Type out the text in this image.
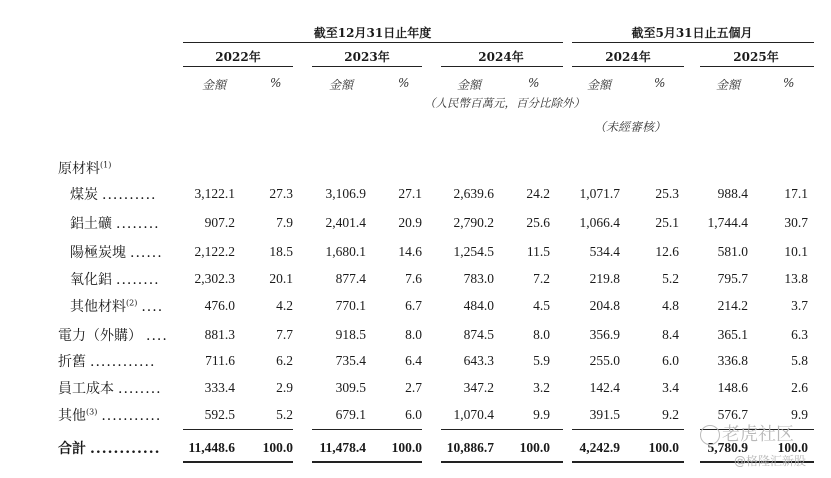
截至12月31日止年度	截至5月31日止五個月
2022年	2023年	2024年	2024年	2025年
金額	%	金額	%	金額	%	金額	%	金額	%
（人民幣百萬元，百分比除外）
（未經審核）
原材料$^{(1)}$
煤炭 ..........	3,122.1	27.3	3,106.9	27.1	2,639.6	24.2	1,071.7	25.3	988.4	17.1
鋁土礦 ........	907.2	7.9	2,401.4	20.9	2,790.2	25.6	1,066.4	25.1	1,744.4	30.7
陽極炭塊 ......	2,122.2	18.5	1,680.1	14.6	1,254.5	11.5	534.4	12.6	581.0	10.1
氧化鋁 ........	2,302.3	20.1	877.4	7.6	783.0	7.2	219.8	5.2	795.7	13.8
其他材料$^{(2)}$ ....	476.0	4.2	770.1	6.7	484.0	4.5	204.8	4.8	214.2	3.7
電力（外購） ....	881.3	7.7	918.5	8.0	874.5	8.0	356.9	8.4	365.1	6.3
折舊 ............	711.6	6.2	735.4	6.4	643.3	5.9	255.0	6.0	336.8	5.8
員工成本 ........	333.4	2.9	309.5	2.7	347.2	3.2	142.4	3.4	148.6	2.6
其他$^{(3)}$ ...........	592.5	5.2	679.1	6.0	1,070.4	9.9	391.5	9.2	576.7	9.9
合計 ............	11,448.6	100.0	11,478.4	100.0	10,886.7	100.0	4,242.9	100.0	5,780.9	100.0
老虎社区
@格隆汇新股
